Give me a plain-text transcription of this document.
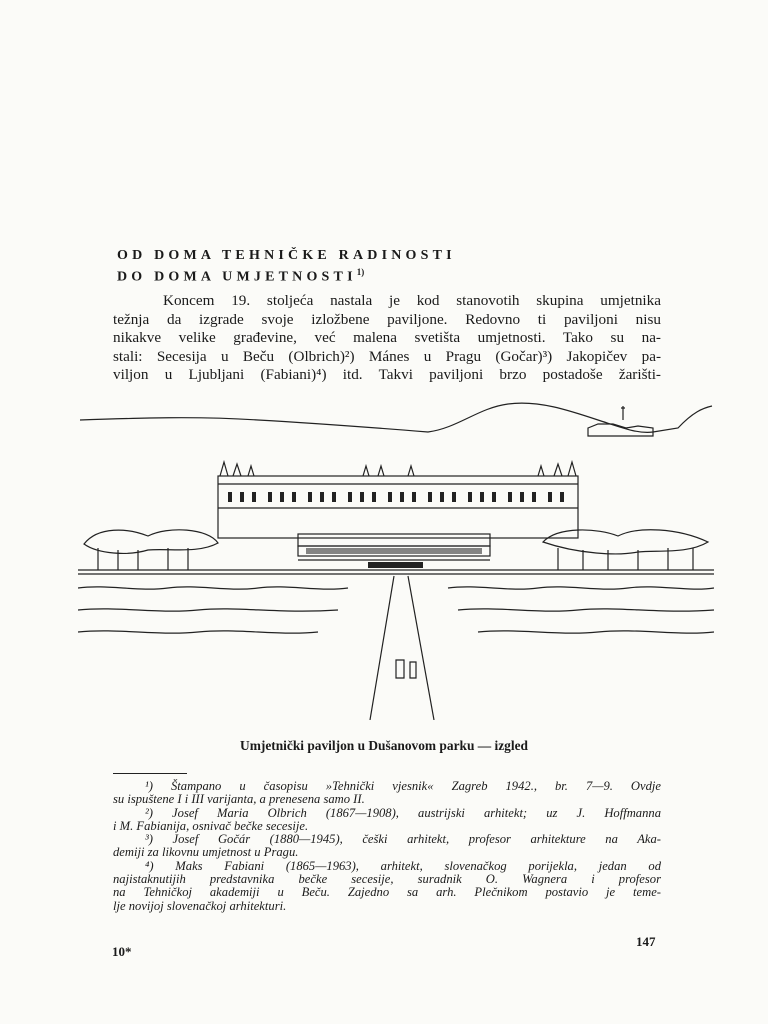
OD DOMA TEHNIČKE RADINOSTI
DO DOMA UMJETNOSTI$^{1)}$
Koncem 19. stoljeća nastala je kod stanovotih skupina umjetnika
težnja da izgrade svoje izložbene paviljone. Redovno ti paviljoni nisu
nikakve velike građevine, već malena svetišta umjetnosti. Tako su na-
stali: Secesija u Beču (Olbrich)²) Mánes u Pragu (Gočar)³) Jakopičev pa-
viljon u Ljubljani (Fabiani)⁴) itd. Takvi paviljoni brzo postadoše žarišti-
Umjetnički paviljon u Dušanovom parku — izgled
¹) Štampano u časopisu »Tehnički vjesnik« Zagreb 1942., br. 7—9. Ovdje
su ispuštene I i III varijanta, a prenesena samo II.
²) Josef Maria Olbrich (1867—1908), austrijski arhitekt; uz J. Hoffmanna
i M. Fabianija, osnivač bečke secesije.
³) Josef Gočár (1880—1945), češki arhitekt, profesor arhitekture na Aka-
demiji za likovnu umjetnost u Pragu.
⁴) Maks Fabiani (1865—1963), arhitekt, slovenačkog porijekla, jedan od
najistaknutijih predstavnika bečke secesije, suradnik O. Wagnera i profesor
na Tehničkoj akademiji u Beču. Zajedno sa arh. Plečnikom postavio je teme-
lje novijoj slovenačkoj arhitekturi.
10*
147
